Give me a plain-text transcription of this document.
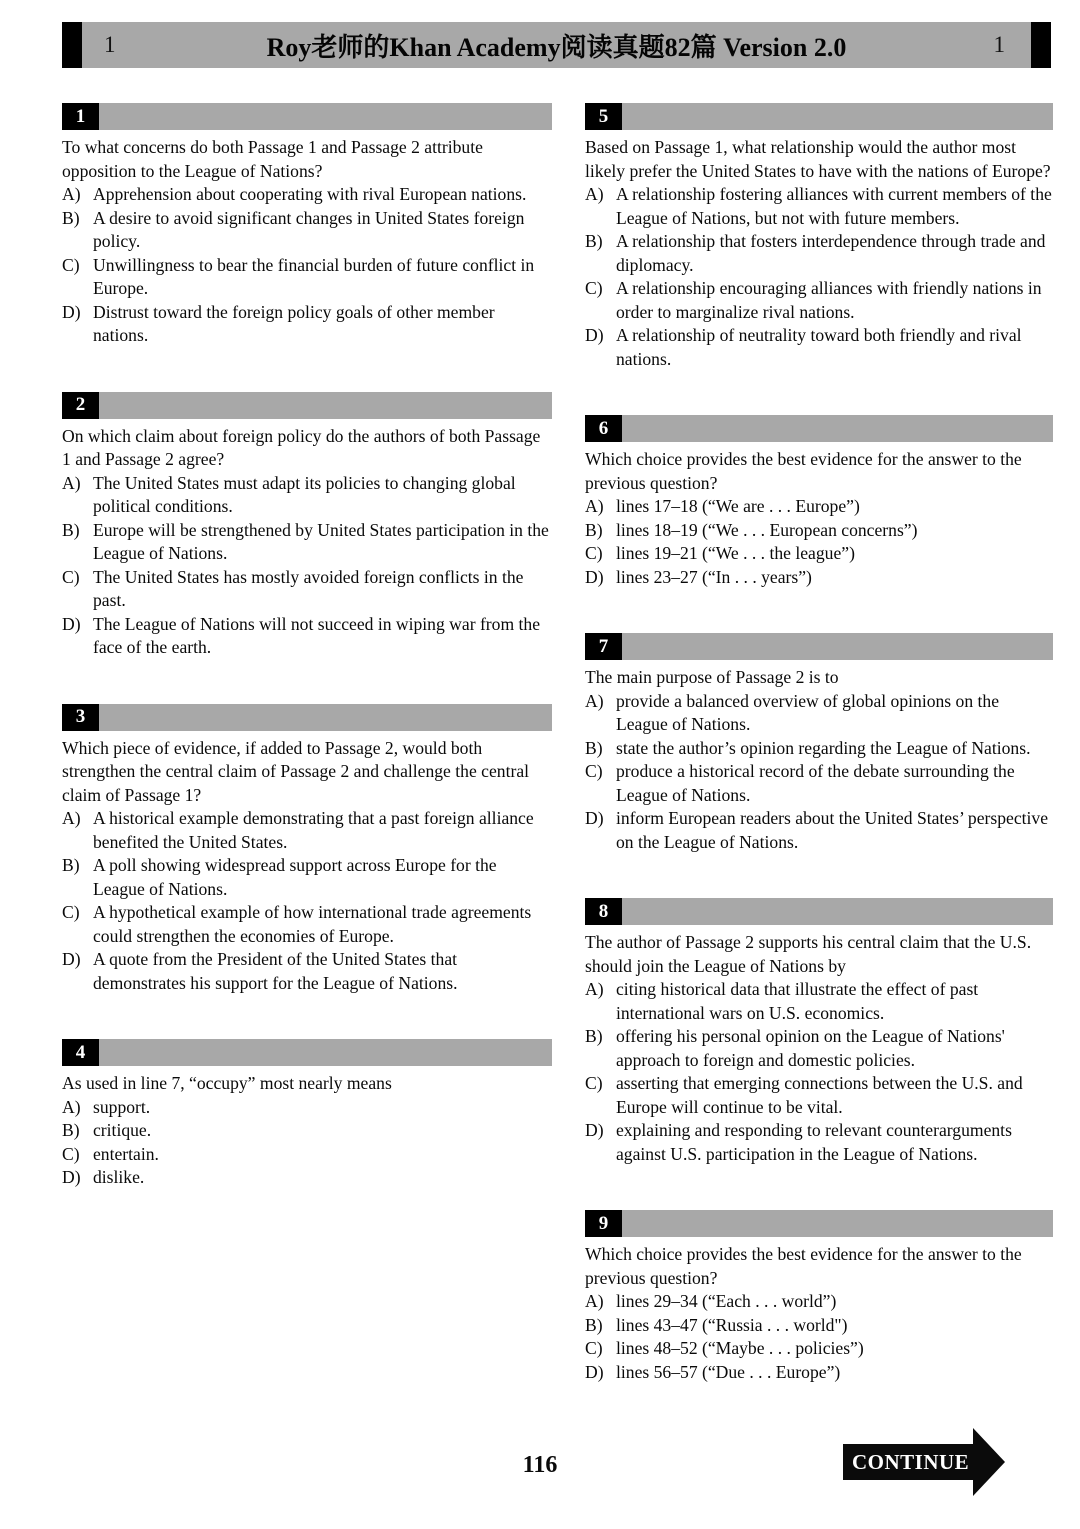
1	Roy老师的Khan Academy阅读真题82篇 Version 2.0	1
1
To what concerns do both Passage 1 and Passage 2 attribute opposition to the League of Nations?
A) Apprehension about cooperating with rival European nations.
B) A desire to avoid significant changes in United States foreign policy.
C) Unwillingness to bear the financial burden of future conflict in Europe.
D) Distrust toward the foreign policy goals of other member nations.
2
On which claim about foreign policy do the authors of both Passage 1 and Passage 2 agree?
A) The United States must adapt its policies to changing global political conditions.
B) Europe will be strengthened by United States participation in the League of Nations.
C) The United States has mostly avoided foreign conflicts in the past.
D) The League of Nations will not succeed in wiping war from the face of the earth.
3
Which piece of evidence, if added to Passage 2, would both strengthen the central claim of Passage 2 and challenge the central claim of Passage 1?
A) A historical example demonstrating that a past foreign alliance benefited the United States.
B) A poll showing widespread support across Europe for the League of Nations.
C) A hypothetical example of how international trade agreements could strengthen the economies of Europe.
D) A quote from the President of the United States that demonstrates his support for the League of Nations.
4
As used in line 7, “occupy” most nearly means
A) support.
B) critique.
C) entertain.
D) dislike.
5
Based on Passage 1, what relationship would the author most likely prefer the United States to have with the nations of Europe?
A) A relationship fostering alliances with current members of the League of Nations, but not with future members.
B) A relationship that fosters interdependence through trade and diplomacy.
C) A relationship encouraging alliances with friendly nations in order to marginalize rival nations.
D) A relationship of neutrality toward both friendly and rival nations.
6
Which choice provides the best evidence for the answer to the previous question?
A) lines 17–18 (“We are . . . Europe”)
B) lines 18–19 (“We . . . European concerns”)
C) lines 19–21 (“We . . . the league”)
D) lines 23–27 (“In . . . years”)
7
The main purpose of Passage 2 is to
A) provide a balanced overview of global opinions on the League of Nations.
B) state the author’s opinion regarding the League of Nations.
C) produce a historical record of the debate surrounding the League of Nations.
D) inform European readers about the United States’ perspective on the League of Nations.
8
The author of Passage 2 supports his central claim that the U.S. should join the League of Nations by
A) citing historical data that illustrate the effect of past international wars on U.S. economics.
B) offering his personal opinion on the League of Nations' approach to foreign and domestic policies.
C) asserting that emerging connections between the U.S. and Europe will continue to be vital.
D) explaining and responding to relevant counterarguments against U.S. participation in the League of Nations.
9
Which choice provides the best evidence for the answer to the previous question?
A) lines 29–34 (“Each . . . world”)
B) lines 43–47 (“Russia . . . world")
C) lines 48–52 (“Maybe . . . policies”)
D) lines 56–57 (“Due . . . Europe”)
116	CONTINUE
